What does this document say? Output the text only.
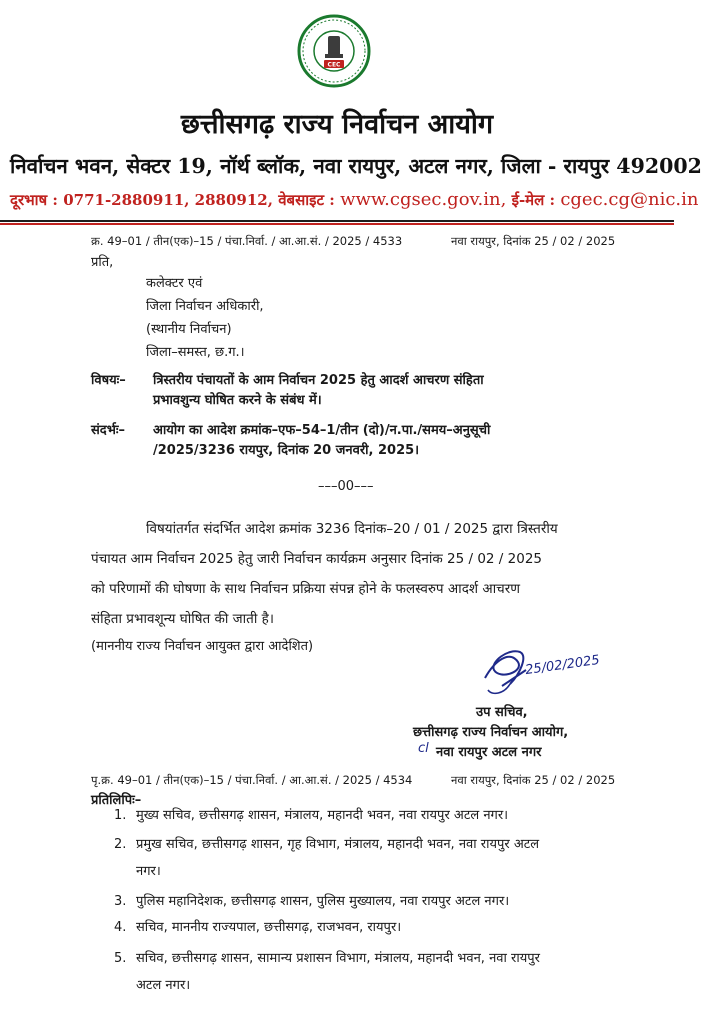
CEC
छत्तीसगढ़ राज्य निर्वाचन आयोग
निर्वाचन भवन, सेक्टर 19, नॉर्थ ब्लॉक, नवा रायपुर, अटल नगर, जिला - रायपुर 492002
दूरभाष : 0771-2880911, 2880912, वेबसाइट : www.cgsec.gov.in, ई-मेल : cgec.cg@nic.in
क्र. 49–01 / तीन(एक)–15 / पंचा.निर्वा. / आ.आ.सं. / 2025 / 4533	नवा रायपुर, दिनांक 25 / 02 / 2025
प्रति,
कलेक्टर एवं
जिला निर्वाचन अधिकारी,
(स्थानीय निर्वाचन)
जिला–समस्त, छ.ग.।
विषयः– त्रिस्तरीय पंचायतों के आम निर्वाचन 2025 हेतु आदर्श आचरण संहिता
प्रभावशुन्य घोषित करने के संबंध में।
संदर्भः– आयोग का आदेश क्रमांक–एफ–54–1/तीन (दो)/न.पा./समय–अनुसूची
/2025/3236 रायपुर, दिनांक 20 जनवरी, 2025।
–––00–––
विषयांतर्गत संदर्भित आदेश क्रमांक 3236 दिनांक–20 / 01 / 2025 द्वारा त्रिस्तरीय
पंचायत आम निर्वाचन 2025 हेतु जारी निर्वाचन कार्यक्रम अनुसार दिनांक 25 / 02 / 2025
को परिणामों की घोषणा के साथ निर्वाचन प्रक्रिया संपन्न होने के फलस्वरुप आदर्श आचरण
संहिता प्रभावशून्य घोषित की जाती है।
(माननीय राज्य निर्वाचन आयुक्त द्वारा आदेशित)
25/02/2025
उप सचिव,
छत्तीसगढ़ राज्य निर्वाचन आयोग,
cl नवा रायपुर अटल नगर
पृ.क्र. 49–01 / तीन(एक)–15 / पंचा.निर्वा. / आ.आ.सं. / 2025 / 4534	नवा रायपुर, दिनांक 25 / 02 / 2025
प्रतिलिपिः–
1. मुख्य सचिव, छत्तीसगढ़ शासन, मंत्रालय, महानदी भवन, नवा रायपुर अटल नगर।
2. प्रमुख सचिव, छत्तीसगढ़ शासन, गृह विभाग, मंत्रालय, महानदी भवन, नवा रायपुर अटल
नगर।
3. पुलिस महानिदेशक, छत्तीसगढ़ शासन, पुलिस मुख्यालय, नवा रायपुर अटल नगर।
4. सचिव, माननीय राज्यपाल, छत्तीसगढ़, राजभवन, रायपुर।
5. सचिव, छत्तीसगढ़ शासन, सामान्य प्रशासन विभाग, मंत्रालय, महानदी भवन, नवा रायपुर
अटल नगर।
